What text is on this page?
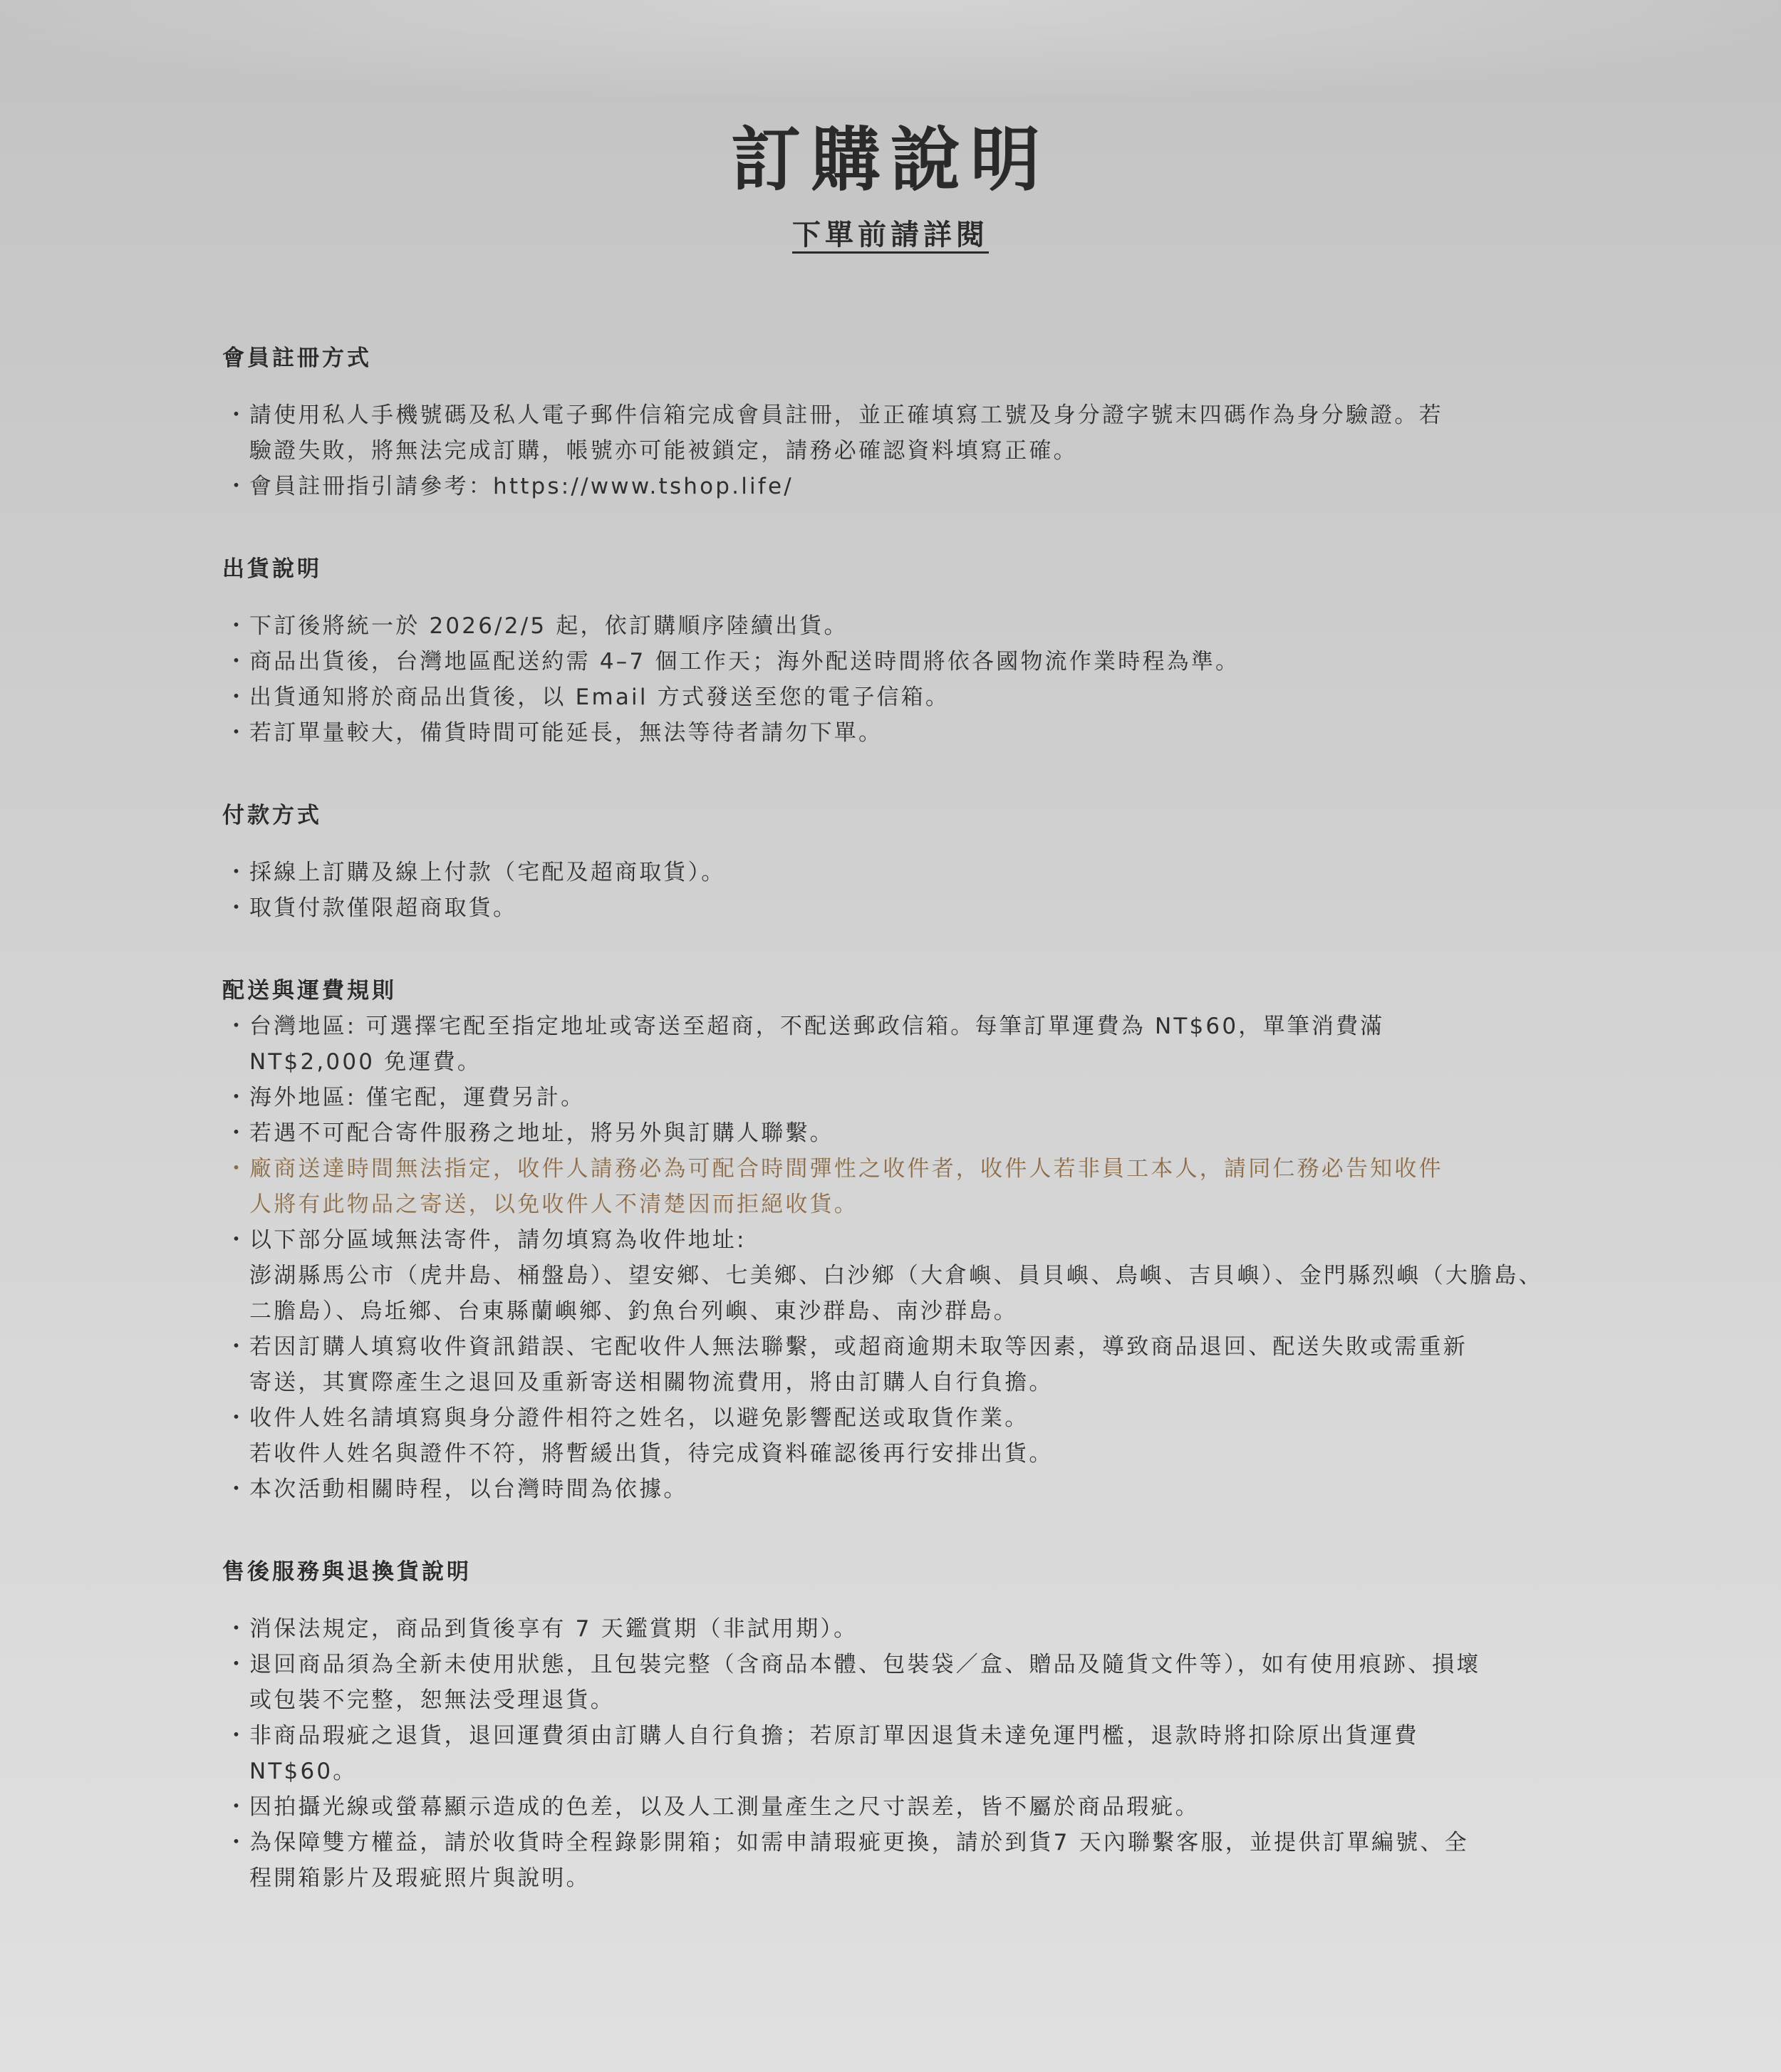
訂購說明
下單前請詳閱
會員註冊方式
・ 請使用私人手機號碼及私人電子郵件信箱完成會員註冊，並正確填寫工號及身分證字號末四碼作為身分驗證。若
驗證失敗，將無法完成訂購，帳號亦可能被鎖定，請務必確認資料填寫正確。
・ 會員註冊指引請參考：https://www.tshop.life/
出貨說明
・ 下訂後將統一於 2026/2/5 起，依訂購順序陸續出貨。
・ 商品出貨後，台灣地區配送約需 4–7 個工作天；海外配送時間將依各國物流作業時程為準。
・ 出貨通知將於商品出貨後，以 Email 方式發送至您的電子信箱。
・ 若訂單量較大，備貨時間可能延長，無法等待者請勿下單。
付款方式
・ 採線上訂購及線上付款（宅配及超商取貨）。
・ 取貨付款僅限超商取貨。
配送與運費規則
・ 台灣地區: 可選擇宅配至指定地址或寄送至超商，不配送郵政信箱。每筆訂單運費為 NT$60，單筆消費滿
NT$2,000 免運費。
・ 海外地區: 僅宅配，運費另計。
・ 若遇不可配合寄件服務之地址，將另外與訂購人聯繫。
・ 廠商送達時間無法指定，收件人請務必為可配合時間彈性之收件者，收件人若非員工本人，請同仁務必告知收件
人將有此物品之寄送，以免收件人不清楚因而拒絕收貨。
・ 以下部分區域無法寄件，請勿填寫為收件地址:
澎湖縣馬公市（虎井島、桶盤島）、望安鄉、七美鄉、白沙鄉（大倉嶼、員貝嶼、鳥嶼、吉貝嶼）、金門縣烈嶼（大膽島、
二膽島）、烏坵鄉、台東縣蘭嶼鄉、釣魚台列嶼、東沙群島、南沙群島。
・ 若因訂購人填寫收件資訊錯誤、宅配收件人無法聯繫，或超商逾期未取等因素，導致商品退回、配送失敗或需重新
寄送，其實際產生之退回及重新寄送相關物流費用，將由訂購人自行負擔。
・ 收件人姓名請填寫與身分證件相符之姓名，以避免影響配送或取貨作業。
若收件人姓名與證件不符，將暫緩出貨，待完成資料確認後再行安排出貨。
・ 本次活動相關時程，以台灣時間為依據。
售後服務與退換貨說明
・ 消保法規定，商品到貨後享有 7 天鑑賞期（非試用期）。
・ 退回商品須為全新未使用狀態，且包裝完整（含商品本體、包裝袋／盒、贈品及隨貨文件等），如有使用痕跡、損壞
或包裝不完整，恕無法受理退貨。
・ 非商品瑕疵之退貨，退回運費須由訂購人自行負擔；若原訂單因退貨未達免運門檻，退款時將扣除原出貨運費
NT$60。
・ 因拍攝光線或螢幕顯示造成的色差，以及人工測量產生之尺寸誤差，皆不屬於商品瑕疵。
・ 為保障雙方權益，請於收貨時全程錄影開箱；如需申請瑕疵更換，請於到貨7 天內聯繫客服，並提供訂單編號、全
程開箱影片及瑕疵照片與說明。
